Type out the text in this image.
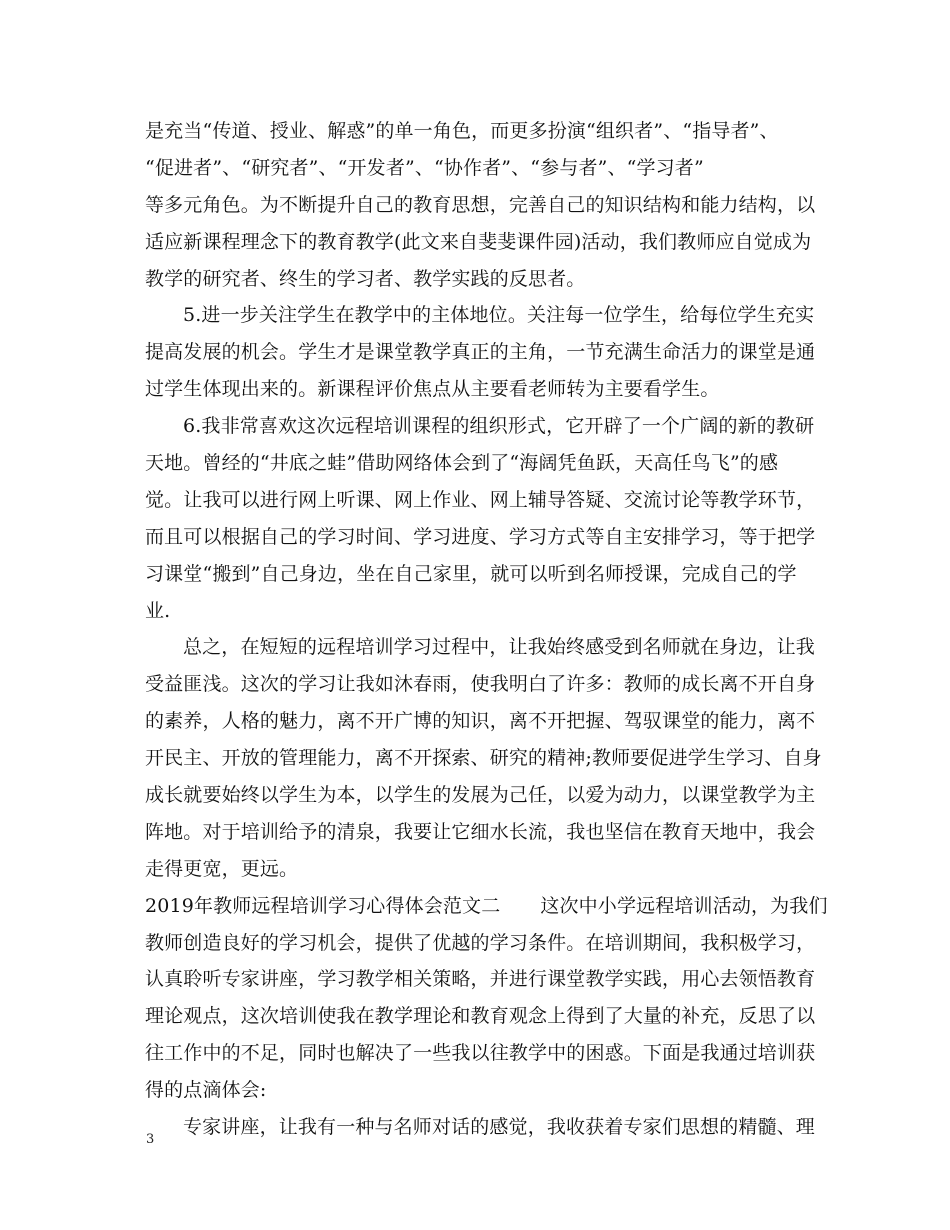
是充当“传道、授业、解惑”的单一角色，而更多扮演“组织者”、“指导者”、
“促进者”、“研究者”、“开发者”、“协作者”、“参与者”、“学习者”
等多元角色。为不断提升自己的教育思想，完善自己的知识结构和能力结构，以
适应新课程理念下的教育教学(此文来自斐斐课件园)活动，我们教师应自觉成为
教学的研究者、终生的学习者、教学实践的反思者。
5.进一步关注学生在教学中的主体地位。关注每一位学生，给每位学生充实
提高发展的机会。学生才是课堂教学真正的主角，一节充满生命活力的课堂是通
过学生体现出来的。新课程评价焦点从主要看老师转为主要看学生。
6.我非常喜欢这次远程培训课程的组织形式，它开辟了一个广阔的新的教研
天地。曾经的“井底之蛙”借助网络体会到了“海阔凭鱼跃，天高任鸟飞”的感
觉。让我可以进行网上听课、网上作业、网上辅导答疑、交流讨论等教学环节，
而且可以根据自己的学习时间、学习进度、学习方式等自主安排学习，等于把学
习课堂“搬到”自己身边，坐在自己家里，就可以听到名师授课，完成自己的学
业.
总之，在短短的远程培训学习过程中，让我始终感受到名师就在身边，让我
受益匪浅。这次的学习让我如沐春雨，使我明白了许多：教师的成长离不开自身
的素养，人格的魅力，离不开广博的知识，离不开把握、驾驭课堂的能力，离不
开民主、开放的管理能力，离不开探索、研究的精神;教师要促进学生学习、自身
成长就要始终以学生为本，以学生的发展为己任，以爱为动力，以课堂教学为主
阵地。对于培训给予的清泉，我要让它细水长流，我也坚信在教育天地中，我会
走得更宽，更远。
2019年教师远程培训学习心得体会范文二 这次中小学远程培训活动，为我们
教师创造良好的学习机会，提供了优越的学习条件。在培训期间，我积极学习，
认真聆听专家讲座，学习教学相关策略，并进行课堂教学实践，用心去领悟教育
理论观点，这次培训使我在教学理论和教育观念上得到了大量的补充，反思了以
往工作中的不足，同时也解决了一些我以往教学中的困惑。下面是我通过培训获
得的点滴体会:
专家讲座，让我有一种与名师对话的感觉，我收获着专家们思想的精髓、理
3
